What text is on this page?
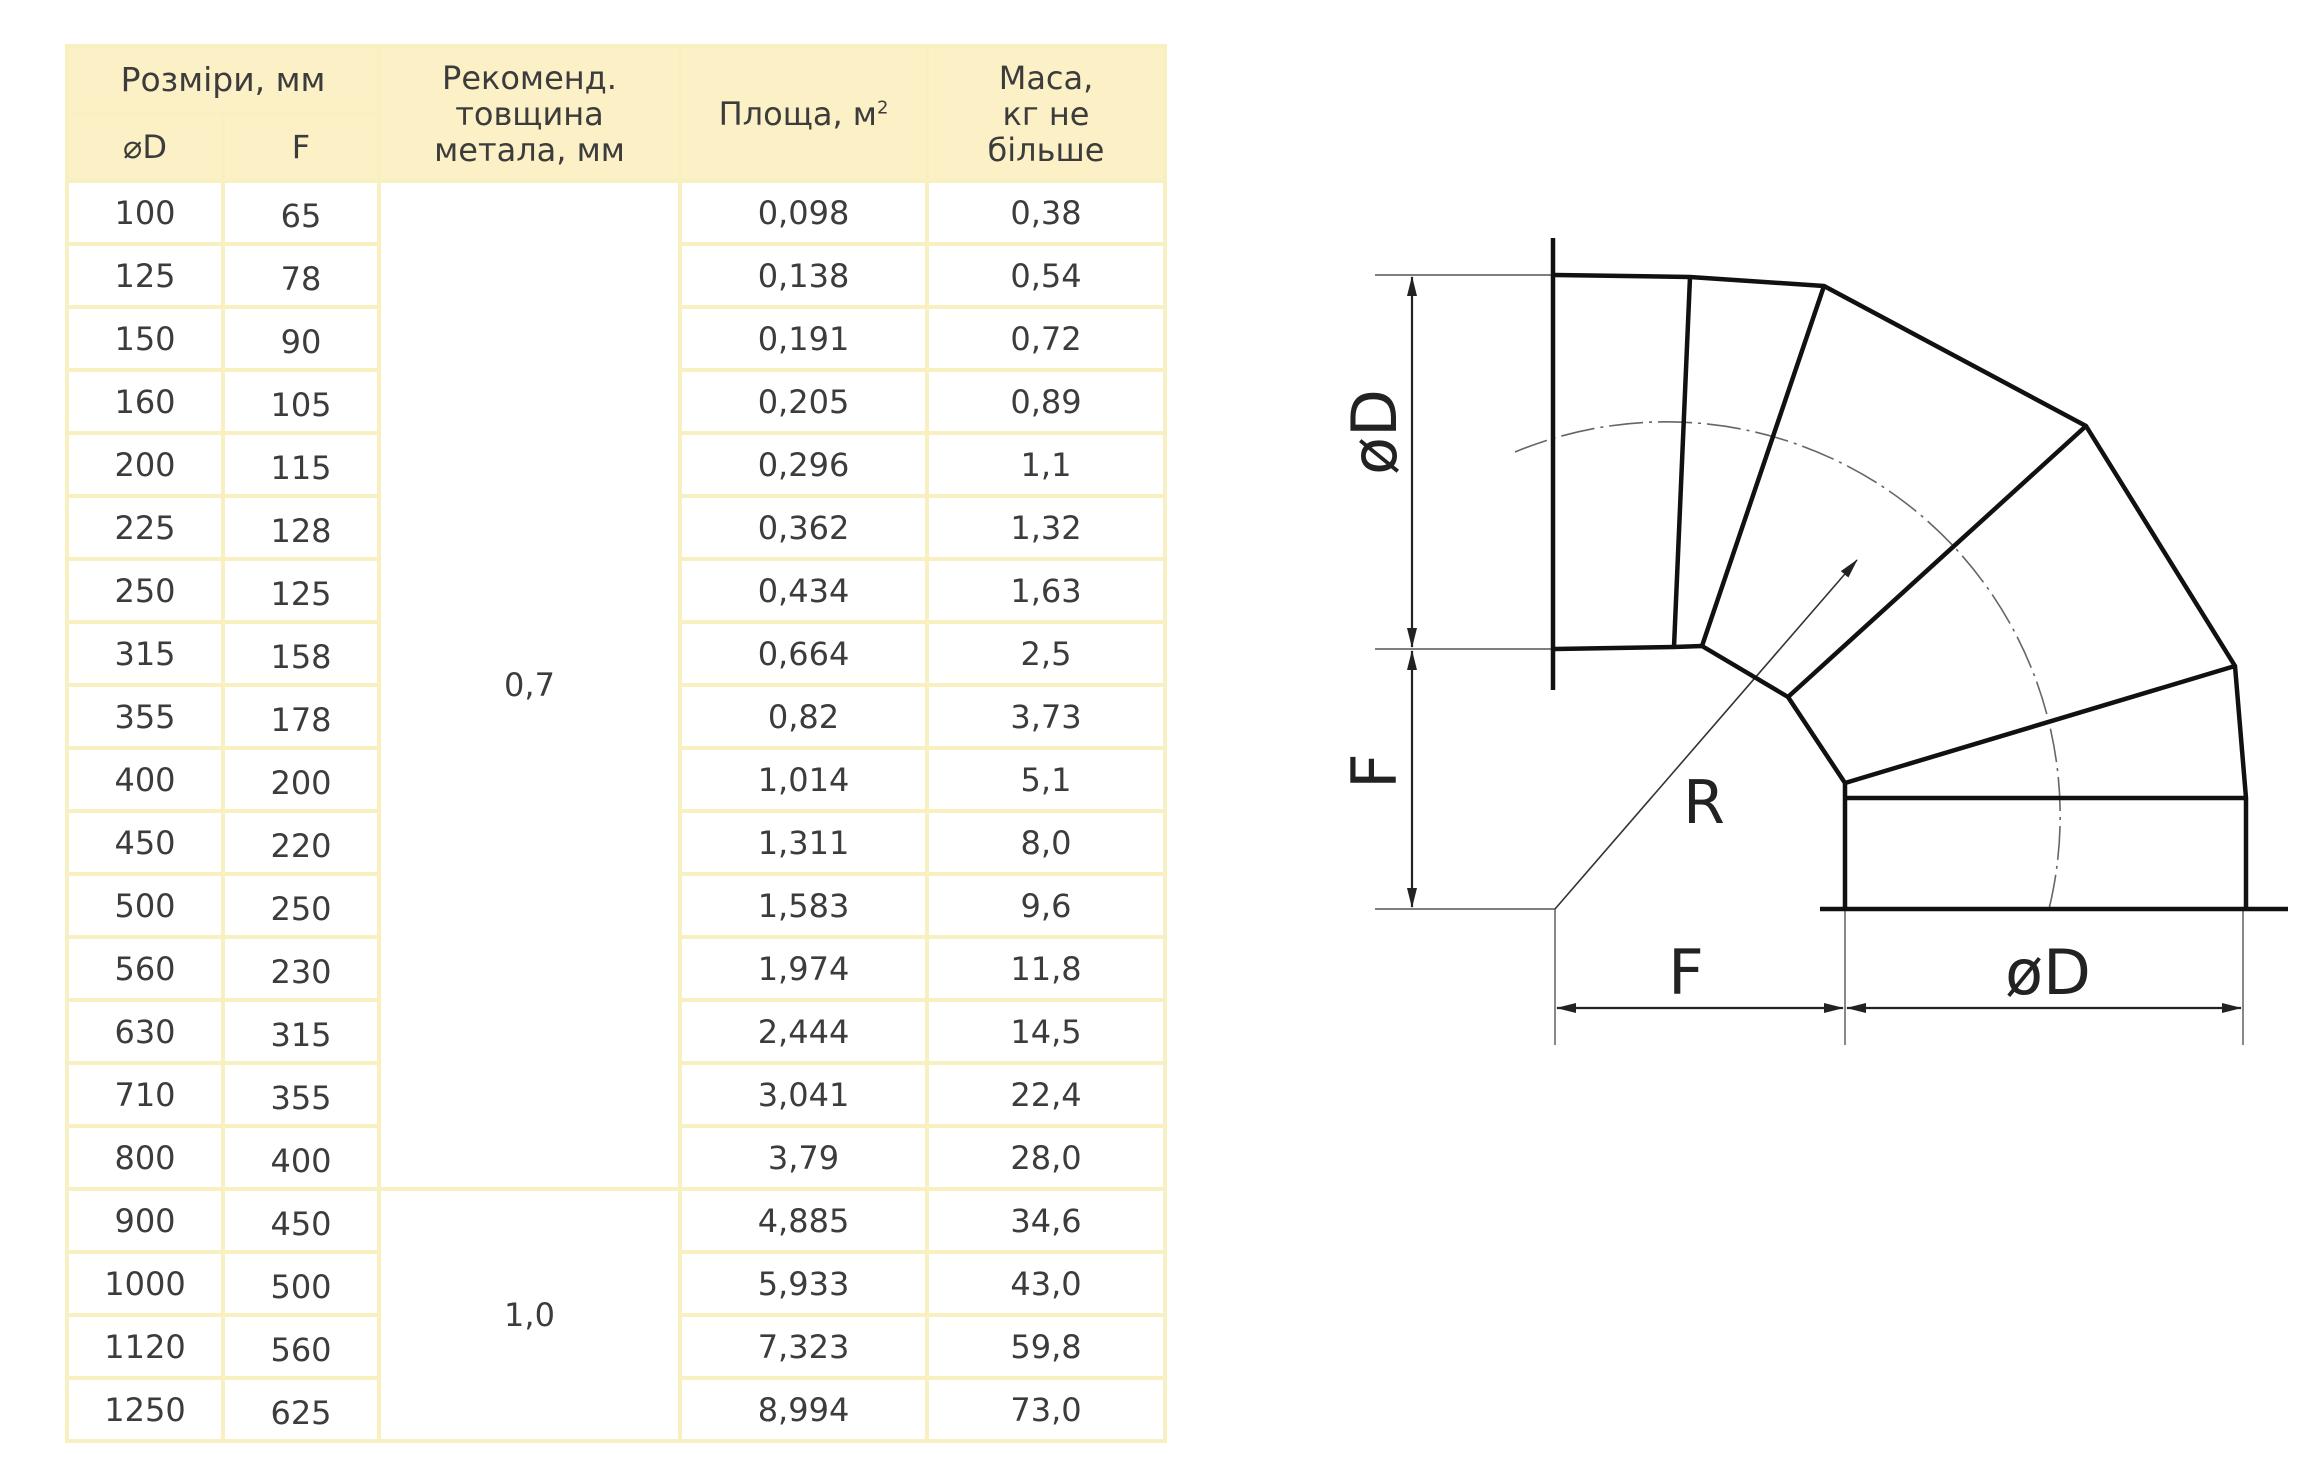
Розміри, мм		Рекоменд. товщина метала, мм	Площа, $м^2$	Маса, кг не більше
⌀D	F			
100	65	0,7	0,098	0,38
125	78		0,138	0,54
150	90		0,191	0,72
160	105		0,205	0,89
200	115		0,296	1,1
225	128		0,362	1,32
250	125		0,434	1,63
315	158		0,664	2,5
355	178		0,82	3,73
400	200		1,014	5,1
450	220		1,311	8,0
500	250		1,583	9,6
560	230		1,974	11,8
630	315		2,444	14,5
710	355		3,041	22,4
800	400		3,79	28,0
900	450	1,0	4,885	34,6
1000	500		5,933	43,0
1120	560		7,323	59,8
1250	625		8,994	73,0
øD
F	R
F	øD
